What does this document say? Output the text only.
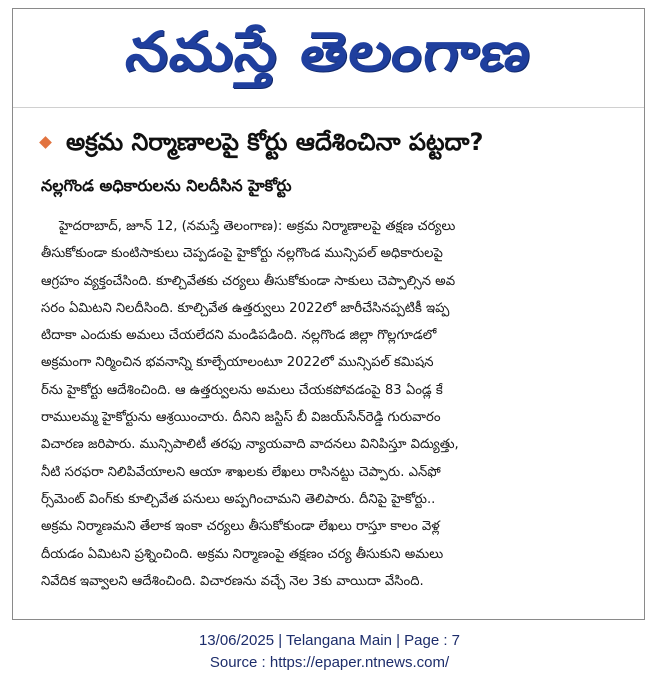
నమస్తే తెలంగాణ
అక్రమ నిర్మాణాలపై కోర్టు ఆదేశించినా పట్టదా?
నల్లగొండ అధికారులను నిలదీసిన హైకోర్టు
హైదరాబాద్, జూన్ 12, (నమస్తే తెలంగాణ): అక్రమ నిర్మాణాలపై తక్షణ చర్యలు
తీసుకోకుండా కుంటిసాకులు చెప్పడంపై హైకోర్టు నల్లగొండ మున్సిపల్ అధికారులపై
ఆగ్రహం వ్యక్తంచేసింది. కూల్చివేతకు చర్యలు తీసుకోకుండా సాకులు చెప్పాల్సిన అవ
సరం ఏమిటని నిలదీసింది. కూల్చివేత ఉత్తర్వులు 2022లో జారీచేసినప్పటికీ ఇప్ప
టిదాకా ఎందుకు అమలు చేయలేదని మండిపడింది. నల్లగొండ జిల్లా గొల్లగూడలో
అక్రమంగా నిర్మించిన భవనాన్ని కూల్చేయాలంటూ 2022లో మున్సిపల్ కమిషన
ర్‌ను హైకోర్టు ఆదేశించింది. ఆ ఉత్తర్వులను అమలు చేయకపోవడంపై 83 ఏండ్ల కే
రాములమ్మ హైకోర్టును ఆశ్రయించారు. దీనిని జస్టిస్ బీ విజయ్‌సేన్‌రెడ్డి గురువారం
విచారణ జరిపారు. మున్సిపాలిటీ తరఫు న్యాయవాది వాదనలు వినిపిస్తూ విద్యుత్తు,
నీటి సరఫరా నిలిపివేయాలని ఆయా శాఖలకు లేఖలు రాసినట్టు చెప్పారు. ఎన్‌ఫో
ర్స్‌మెంట్ వింగ్‌కు కూల్చివేత పనులు అప్పగించామని తెలిపారు. దీనిపై హైకోర్టు..
అక్రమ నిర్మాణమని తేలాక ఇంకా చర్యలు తీసుకోకుండా లేఖలు రాస్తూ కాలం వెళ్ల
దీయడం ఏమిటని ప్రశ్నించింది. అక్రమ నిర్మాణంపై తక్షణం చర్య తీసుకుని అమలు
నివేదిక ఇవ్వాలని ఆదేశించింది. విచారణను వచ్చే నెల 3కు వాయిదా వేసింది.
13/06/2025 | Telangana Main | Page : 7
Source : https://epaper.ntnews.com/
